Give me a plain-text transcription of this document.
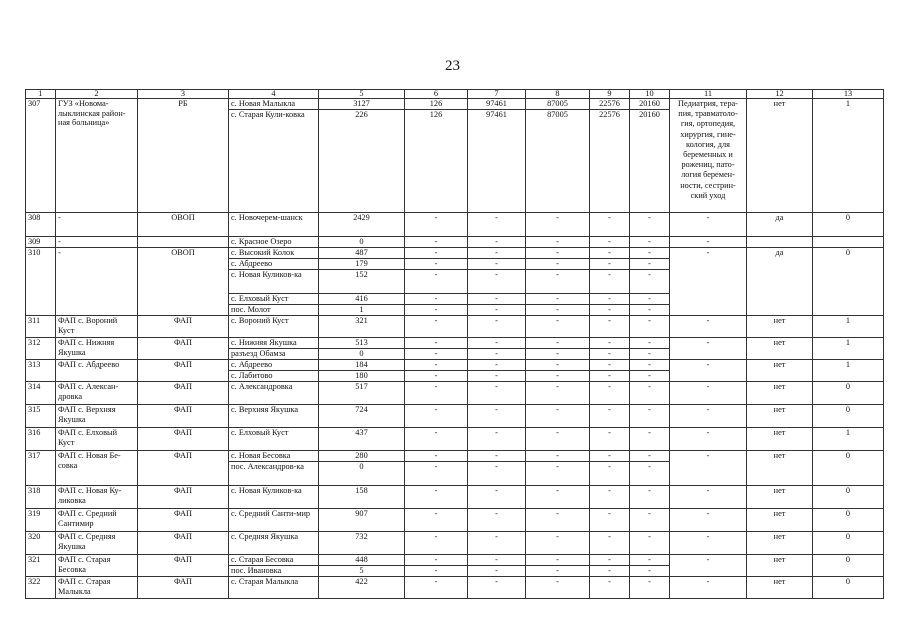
23
1	2	3	4	5	6	7	8	9	10	11	12	13
307	ГУЗ «Новома-лыклинская район-ная больница»	РБ	с. Новая Малыкла	3127	126	97461	87005	22576	20160	Педиатрия, тера-пия, травматоло-гия, ортопедия, хирургия, гине-кология, для беременных и рожениц, пато-логия беремен-ности, сестрин-ский уход	нет	1
			с. Старая Кули-ковка	226	126	97461	87005	22576	20160			
308	-	ОВОП	с. Новочерем-шанск	2429	-	-	-	-	-	-	да	0
309	-		с. Красное Озеро	0	-	-	-	-	-	-		
310	-	ОВОП	с. Высокий Колок	487	-	-	-	-	-	-	да	0
			с. Абдреево	179	-	-	-	-	-			
			с. Новая Куликов-ка	152	-	-	-	-	-			
			с. Елховый Куст	416	-	-	-	-	-			
			пос. Молот	1	-	-	-	-	-			
311	ФАП с. Вороний Куст	ФАП	с. Вороний Куст	321	-	-	-	-	-	-	нет	1
312	ФАП с. Нижняя Якушка	ФАП	с. Нижняя Якушка	513	-	-	-	-	-	-	нет	1
			разъезд Обамза	0	-	-	-	-	-			
313	ФАП с. Абдреево	ФАП	с. Абдреево	184	-	-	-	-	-	-	нет	1
			с. Лабитово	180	-	-	-	-	-			
314	ФАП с. Алексан-дровка	ФАП	с. Александровка	517	-	-	-	-	-	-	нет	0
315	ФАП с. Верхняя Якушка	ФАП	с. Верхняя Якушка	724	-	-	-	-	-	-	нет	0
316	ФАП с. Елховый Куст	ФАП	с. Елховый Куст	437	-	-	-	-	-	-	нет	1
317	ФАП с. Новая Бе-совка	ФАП	с. Новая Бесовка	280	-	-	-	-	-	-	нет	0
			пос. Александров-ка	0	-	-	-	-	-			
318	ФАП с. Новая Ку-ликовка	ФАП	с. Новая Куликов-ка	158	-	-	-	-	-	-	нет	0
319	ФАП с. Средний Сантимир	ФАП	с. Средний Санти-мир	907	-	-	-	-	-	-	нет	0
320	ФАП с. Средняя Якушка	ФАП	с. Средняя Якушка	732	-	-	-	-	-	-	нет	0
321	ФАП с. Старая Бесовка	ФАП	с. Старая Бесовка	448	-	-	-	-	-	-	нет	0
			пос. Ивановка	5	-	-	-	-	-			
322	ФАП с. Старая Малыкла	ФАП	с. Старая Малыкла	422	-	-	-	-	-	-	нет	0
